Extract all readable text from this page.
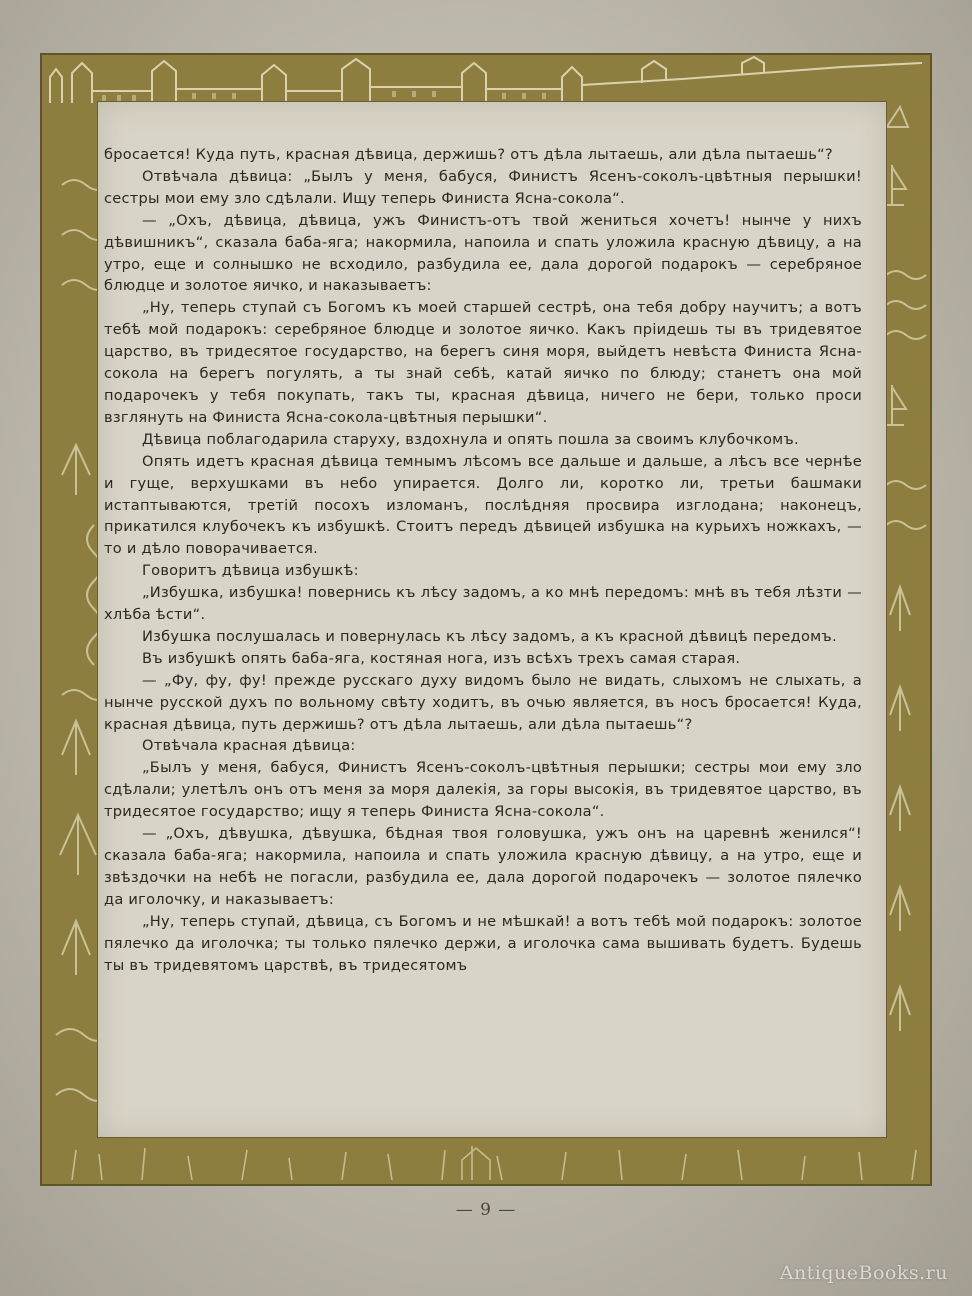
бросается! Куда путь, красная дѣвица, держишь? отъ дѣла лытаешь, али дѣла пытаешь“?

Отвѣчала дѣвица: „Былъ у меня, бабуся, Финистъ Ясенъ-соколъ-цвѣтныя перышки! сестры мои ему зло сдѣлали. Ищу теперь Финиста Ясна-сокола“.

— „Охъ, дѣвица, дѣвица, ужъ Финистъ-отъ твой жениться хочетъ! нынче у нихъ дѣвишникъ“, сказала баба-яга; накормила, напоила и спать уложила красную дѣвицу, а на утро, еще и солнышко не всходило, разбудила ее, дала дорогой подарокъ — серебряное блюдце и золотое яичко, и наказываетъ:

„Ну, теперь ступай съ Богомъ къ моей старшей сестрѣ, она тебя добру научитъ; а вотъ тебѣ мой подарокъ: серебряное блюдце и золотое яичко. Какъ пріидешь ты въ тридевятое царство, въ тридесятое государство, на берегъ синя моря, выйдетъ невѣста Финиста Ясна-сокола на берегъ погулять, а ты знай себѣ, катай яичко по блюду; станетъ она мой подарочекъ у тебя покупать, такъ ты, красная дѣвица, ничего не бери, только проси взглянуть на Финиста Ясна-сокола-цвѣтныя перышки“.

Дѣвица поблагодарила старуху, вздохнула и опять пошла за своимъ клубочкомъ.

Опять идетъ красная дѣвица темнымъ лѣсомъ все дальше и дальше, а лѣсъ все чернѣе и гуще, верхушками въ небо упирается. Долго ли, коротко ли, третьи башмаки истаптываются, третій посохъ изломанъ, послѣдняя просвира изглодана; наконецъ, прикатился клубочекъ къ избушкѣ. Стоитъ передъ дѣвицей избушка на курьихъ ножкахъ, — то и дѣло поворачивается.

Говоритъ дѣвица избушкѣ:

„Избушка, избушка! повернись къ лѣсу задомъ, а ко мнѣ передомъ: мнѣ въ тебя лѣзти — хлѣба ѣсти“.

Избушка послушалась и повернулась къ лѣсу задомъ, а къ красной дѣвицѣ передомъ.

Въ избушкѣ опять баба-яга, костяная нога, изъ всѣхъ трехъ самая старая.

— „Фу, фу, фу! прежде русскаго духу видомъ было не видать, слыхомъ не слыхать, а нынче русской духъ по вольному свѣту ходитъ, въ очью является, въ носъ бросается! Куда, красная дѣвица, путь держишь? отъ дѣла лытаешь, али дѣла пытаешь“?

Отвѣчала красная дѣвица:

„Былъ у меня, бабуся, Финистъ Ясенъ-соколъ-цвѣтныя перышки; сестры мои ему зло сдѣлали; улетѣлъ онъ отъ меня за моря далекія, за горы высокія, въ тридевятое царство, въ тридесятое государство; ищу я теперь Финиста Ясна-сокола“.

— „Охъ, дѣвушка, дѣвушка, бѣдная твоя головушка, ужъ онъ на царевнѣ женился“! сказала баба-яга; накормила, напоила и спать уложила красную дѣвицу, а на утро, еще и звѣздочки на небѣ не погасли, разбудила ее, дала дорогой подарочекъ — золотое пялечко да иголочку, и наказываетъ:

„Ну, теперь ступай, дѣвица, съ Богомъ и не мѣшкай! а вотъ тебѣ мой подарокъ: золотое пялечко да иголочка; ты только пялечко держи, а иголочка сама вышивать будетъ. Будешь ты въ тридевятомъ царствѣ, въ тридесятомъ

— 9 —
AntiqueBooks.ru
